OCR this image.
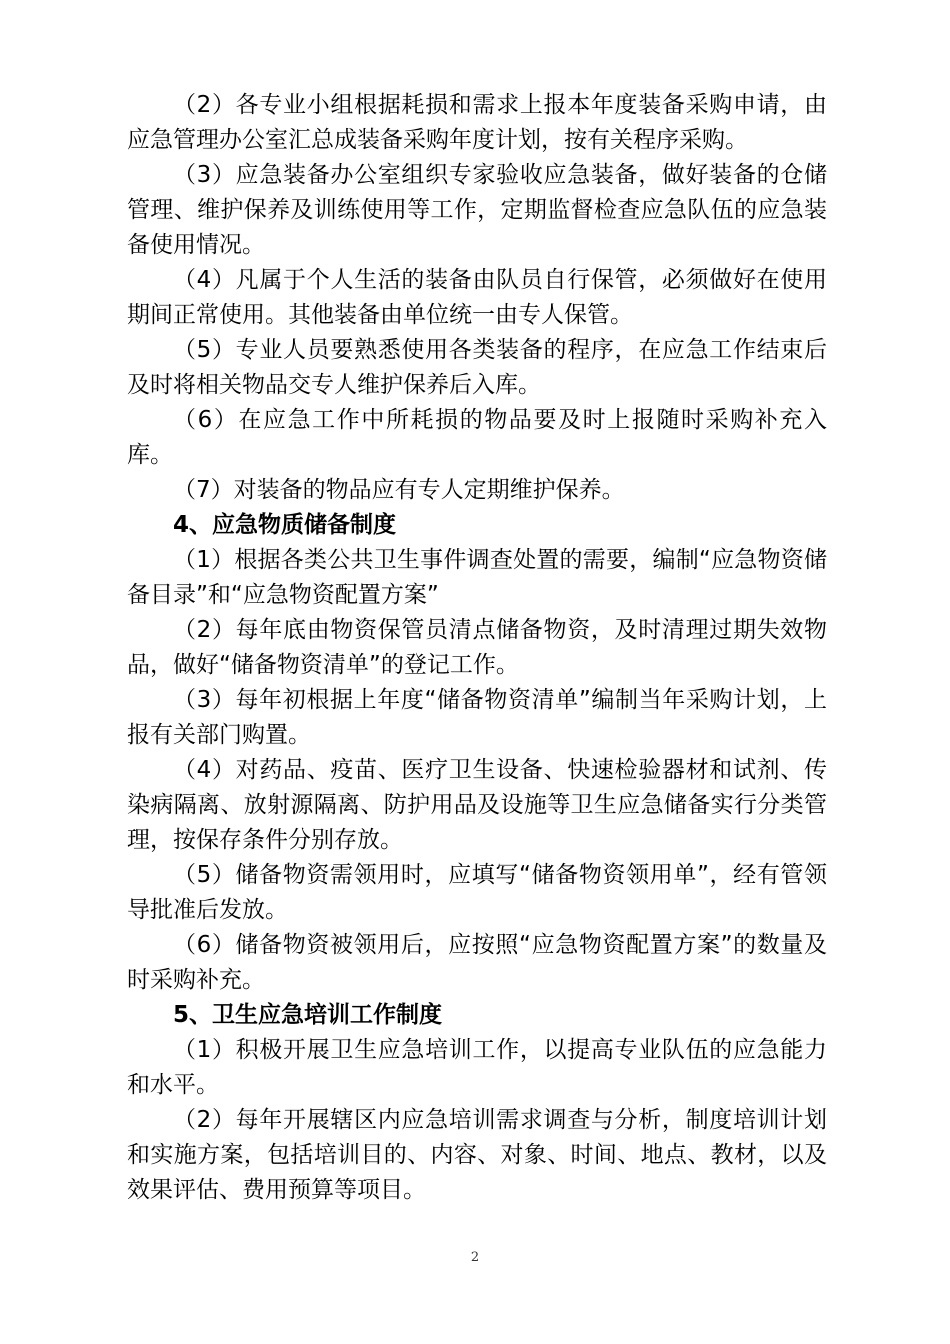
（2）各专业小组根据耗损和需求上报本年度装备采购申请，由应急管理办公室汇总成装备采购年度计划，按有关程序采购。

（3）应急装备办公室组织专家验收应急装备，做好装备的仓储管理、维护保养及训练使用等工作，定期监督检查应急队伍的应急装备使用情况。

（4）凡属于个人生活的装备由队员自行保管，必须做好在使用期间正常使用。其他装备由单位统一由专人保管。

（5）专业人员要熟悉使用各类装备的程序，在应急工作结束后及时将相关物品交专人维护保养后入库。

（6）在应急工作中所耗损的物品要及时上报随时采购补充入库。

（7）对装备的物品应有专人定期维护保养。

4、应急物质储备制度

（1）根据各类公共卫生事件调查处置的需要，编制“应急物资储备目录”和“应急物资配置方案”

（2）每年底由物资保管员清点储备物资，及时清理过期失效物品，做好“储备物资清单”的登记工作。

（3）每年初根据上年度“储备物资清单”编制当年采购计划，上报有关部门购置。

（4）对药品、疫苗、医疗卫生设备、快速检验器材和试剂、传染病隔离、放射源隔离、防护用品及设施等卫生应急储备实行分类管理，按保存条件分别存放。

（5）储备物资需领用时，应填写“储备物资领用单”，经有管领导批准后发放。

（6）储备物资被领用后，应按照“应急物资配置方案”的数量及时采购补充。

5、卫生应急培训工作制度

（1）积极开展卫生应急培训工作，以提高专业队伍的应急能力和水平。

（2）每年开展辖区内应急培训需求调查与分析，制度培训计划和实施方案，包括培训目的、内容、对象、时间、地点、教材，以及效果评估、费用预算等项目。

2
